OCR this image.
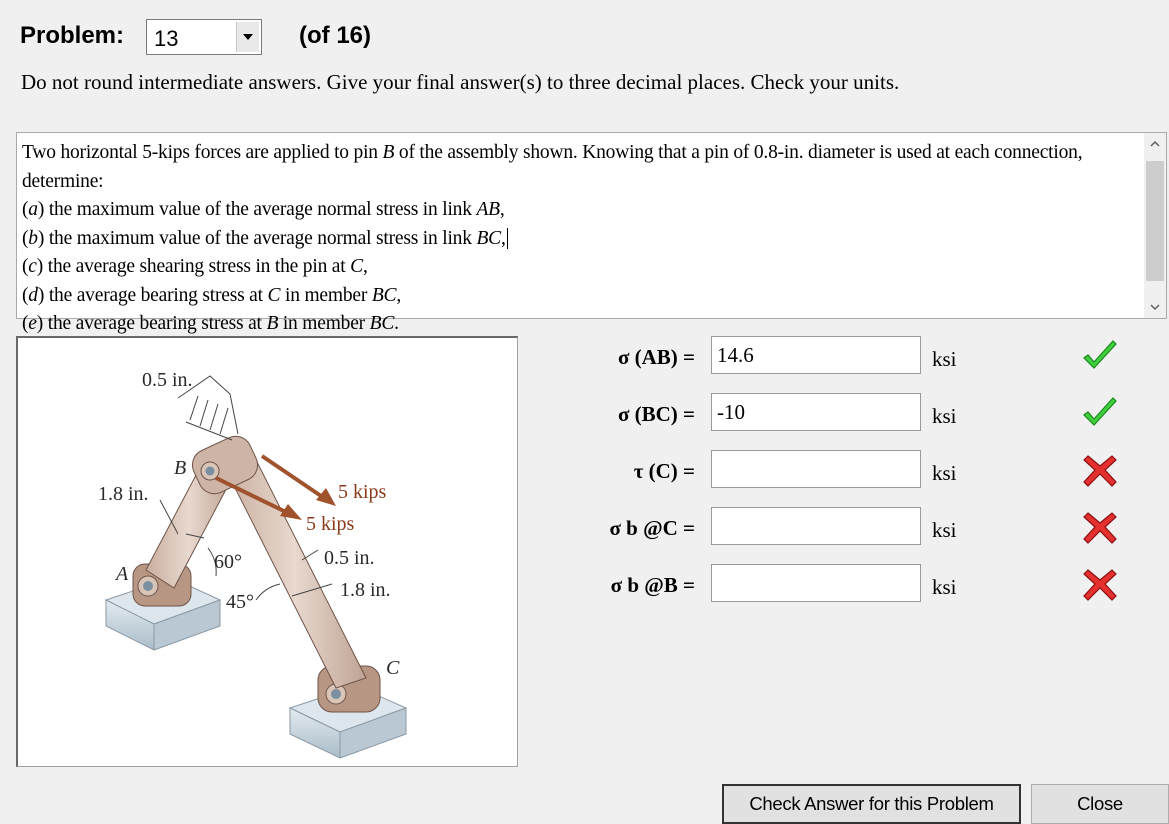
Problem: 13	(of 16)
Do not round intermediate answers. Give your final answer(s) to three decimal places. Check your units.

Two horizontal 5-kips forces are applied to pin B of the assembly shown. Knowing that a pin of 0.8-in. diameter is used at each connection, determine:

(a) the maximum value of the average normal stress in link AB,

(b) the maximum value of the average normal stress in link BC,

(c) the average shearing stress in the pin at C,

(d) the average bearing stress at C in member BC,

(e) the average bearing stress at B in member BC.

0.5 in.
1.8 in.	5 kips
5 kips
0.5 in.
1.8 in.
60°
45°
A
B
C
σ (AB) =
14.6	ksi
σ (BC) =
-10	ksi
τ (C) =	ksi
σ b @C =	ksi
σ b @B =	ksi
Check Answer for this Problem	Close
